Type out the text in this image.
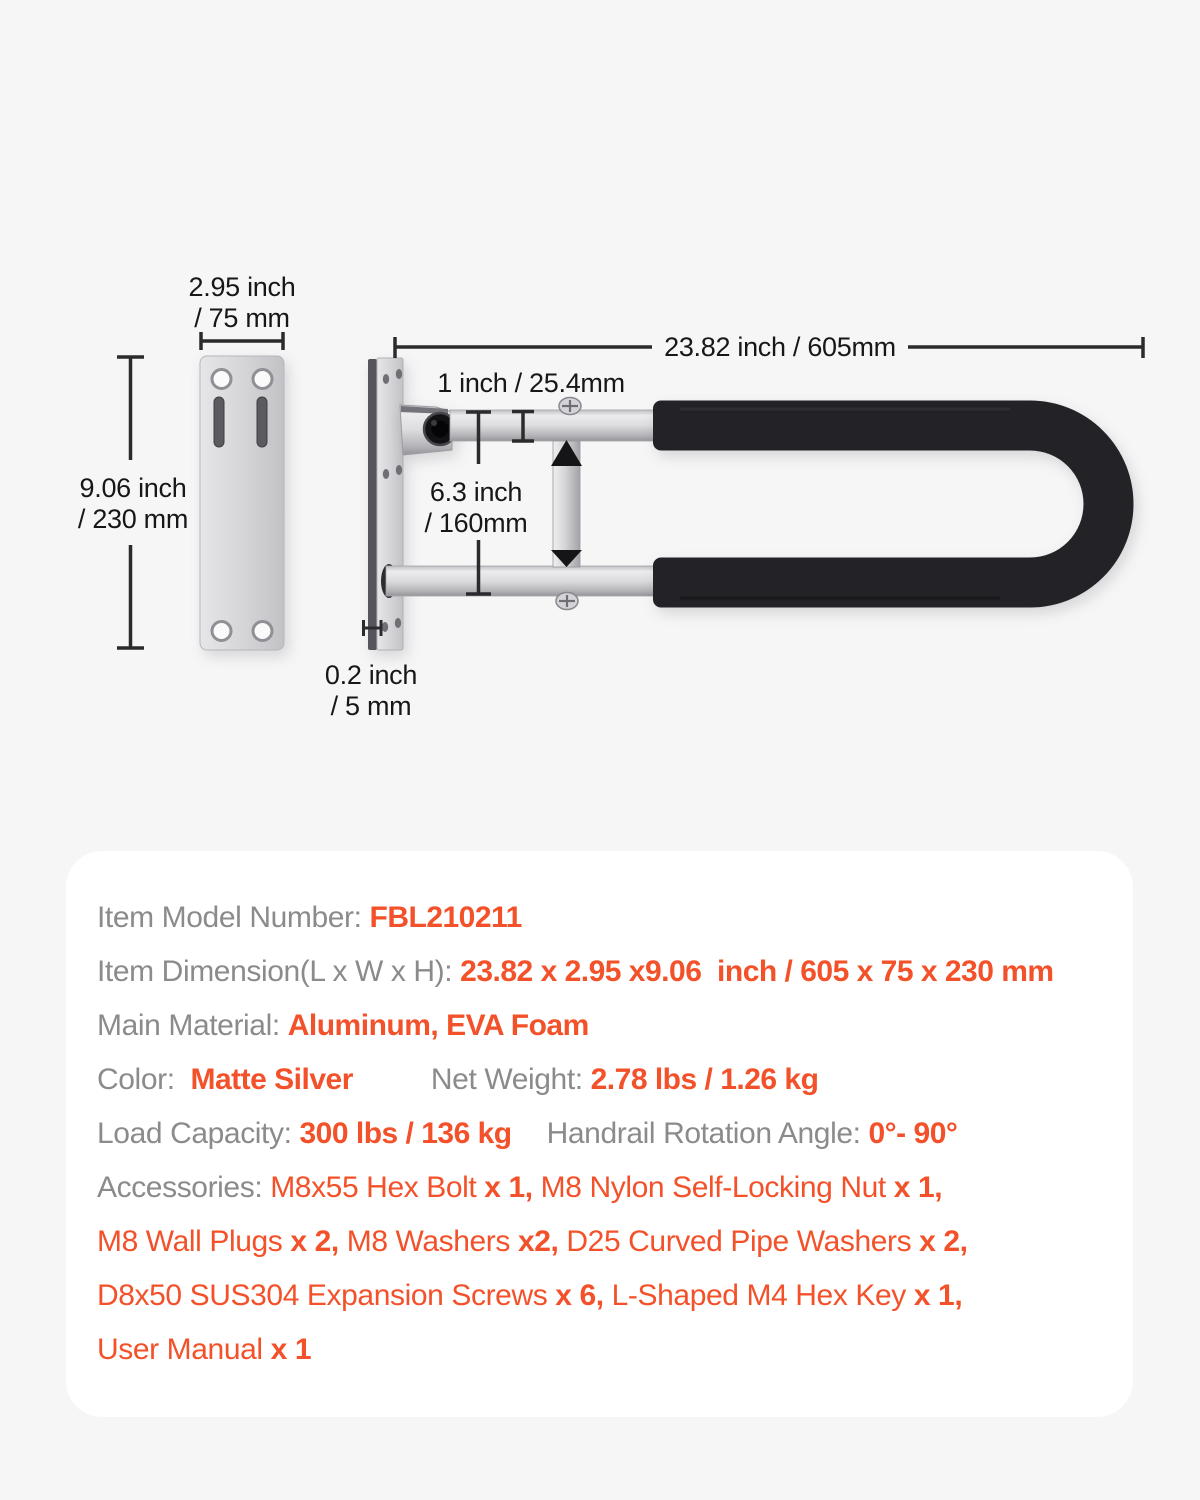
2.95 inch
/ 75 mm
9.06 inch
/ 230 mm
23.82 inch / 605mm
1 inch / 25.4mm
6.3 inch
/ 160mm
0.2 inch
/ 5 mm
Item Model Number: FBL210211
Item Dimension(L x W x H): 23.82 x 2.95 x9.06  inch / 605 x 75 x 230 mm
Main Material: Aluminum, EVA Foam
Color:  Matte Silver	Net Weight: 2.78 lbs / 1.26 kg
Load Capacity: 300 lbs / 136 kg Handrail Rotation Angle: 0°- 90°
Accessories: M8x55 Hex Bolt x 1, M8 Nylon Self-Locking Nut x 1,
M8 Wall Plugs x 2, M8 Washers x2, D25 Curved Pipe Washers x 2,
D8x50 SUS304 Expansion Screws x 6, L-Shaped M4 Hex Key x 1,
User Manual x 1
